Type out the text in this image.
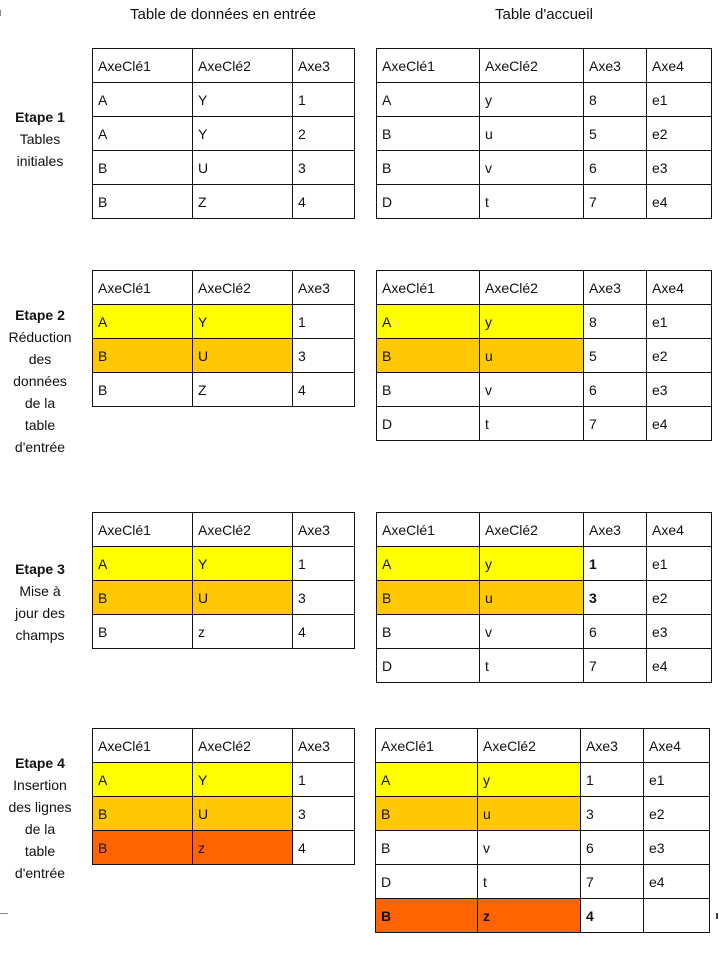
Table de données en entrée	Table d'accueil
Etape 1
Tables
initiales
Etape 2
Réduction
des
données
de la
table
d'entrée
Etape 3
Mise à
jour des
champs
Etape 4
Insertion
des lignes
de la
table
d'entrée
AxeClé1	AxeClé2	Axe3
A	Y	1
A	Y	2
B	U	3
B	Z	4
AxeClé1	AxeClé2	Axe3	Axe4
A	y	8	e1
B	u	5	e2
B	v	6	e3
D	t	7	e4
AxeClé1	AxeClé2	Axe3
A	Y	1
B	U	3
B	Z	4
AxeClé1	AxeClé2	Axe3	Axe4
A	y	8	e1
B	u	5	e2
B	v	6	e3
D	t	7	e4
AxeClé1	AxeClé2	Axe3
A	Y	1
B	U	3
B	z	4
AxeClé1	AxeClé2	Axe3	Axe4
A	y	1	e1
B	u	3	e2
B	v	6	e3
D	t	7	e4
AxeClé1	AxeClé2	Axe3
A	Y	1
B	U	3
B	z	4
AxeClé1	AxeClé2	Axe3	Axe4
A	y	1	e1
B	u	3	e2
B	v	6	e3
D	t	7	e4
B	z	4	
